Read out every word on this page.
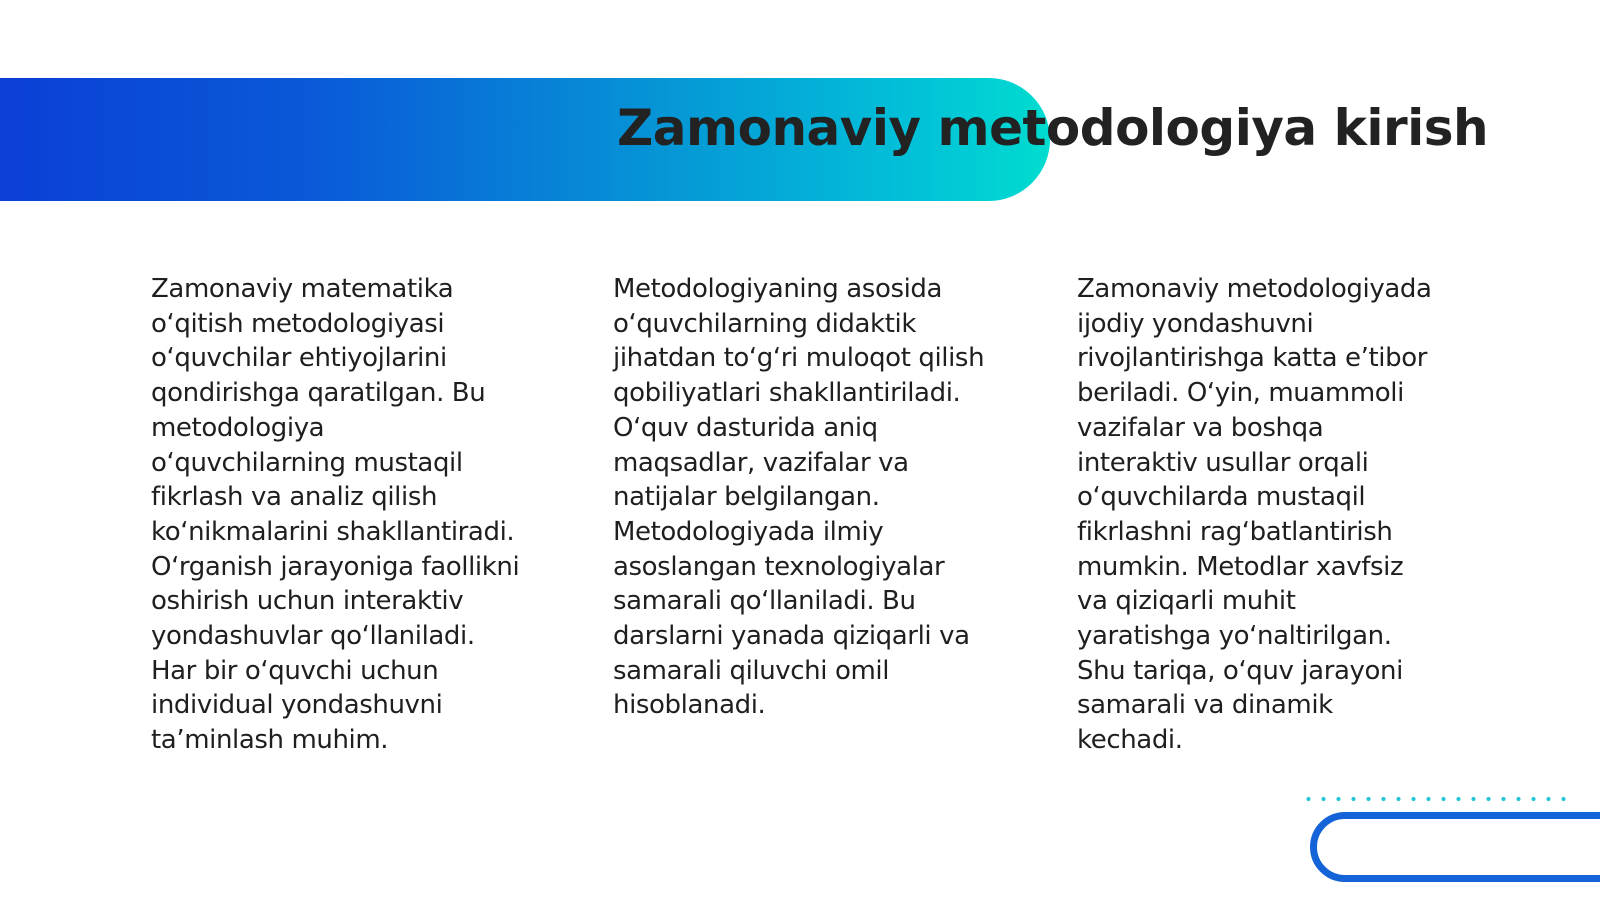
Zamonaviy metodologiya kirish

Zamonaviy matematika o‘qitish metodologiyasi o‘quvchilar ehtiyojlarini qondirishga qaratilgan. Bu metodologiya o‘quvchilarning mustaqil fikrlash va analiz qilish ko‘nikmalarini shakllantiradi. O‘rganish jarayoniga faollikni oshirish uchun interaktiv yondashuvlar qo‘llaniladi. Har bir o‘quvchi uchun individual yondashuvni ta’minlash muhim.

Metodologiyaning asosida o‘quvchilarning didaktik jihatdan to‘g‘ri muloqot qilish qobiliyatlari shakllantiriladi. O‘quv dasturida aniq maqsadlar, vazifalar va natijalar belgilangan. Metodologiyada ilmiy asoslangan texnologiyalar samarali qo‘llaniladi. Bu darslarni yanada qiziqarli va samarali qiluvchi omil hisoblanadi.

Zamonaviy metodologiyada ijodiy yondashuvni rivojlantirishga katta e’tibor beriladi. O‘yin, muammoli vazifalar va boshqa interaktiv usullar orqali o‘quvchilarda mustaqil fikrlashni rag‘batlantirish mumkin. Metodlar xavfsiz va qiziqarli muhit yaratishga yo‘naltirilgan. Shu tariqa, o‘quv jarayoni samarali va dinamik kechadi.
